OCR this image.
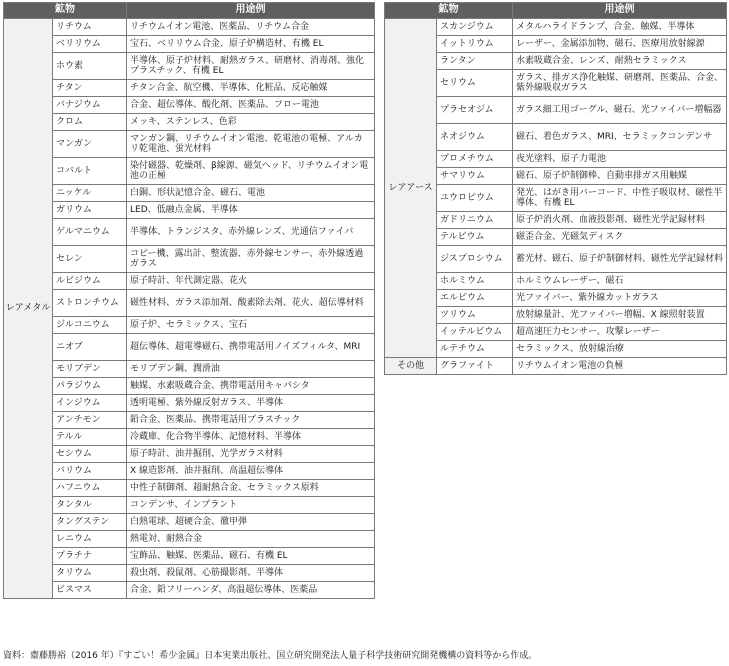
鉱物		用途例
レアメタル	リチウム	リチウムイオン電池、医薬品、リチウム合金
	ベリリウム	宝石、ベリリウム合金、原子炉構造材、有機 EL
	ホウ素	半導体、原子炉材料、耐熱ガラス、研磨材、消毒剤、強化プラスチック、有機 EL
	チタン	チタン合金、航空機、半導体、化粧品、反応触媒
	バナジウム	合金、超伝導体、酸化剤、医薬品、フロー電池
	クロム	メッキ、ステンレス、色彩
	マンガン	マンガン鋼、リチウムイオン電池、乾電池の電極、アルカリ乾電池、蛍光材料
	コバルト	染付磁器、乾燥剤、β線源、磁気ヘッド、リチウムイオン電池の正極
	ニッケル	白銅、形状記憶合金、磁石、電池
	ガリウム	LED、低融点金属、半導体
	ゲルマニウム	半導体、トランジスタ、赤外線レンズ、光通信ファイバ
	セレン	コピー機、露出計、整流器、赤外線センサー、赤外線透過ガラス
	ルビジウム	原子時計、年代測定器、花火
	ストロンチウム	磁性材料、ガラス添加剤、酸素除去剤、花火、超伝導材料
	ジルコニウム	原子炉、セラミックス、宝石
	ニオブ	超伝導体、超電導磁石、携帯電話用ノイズフィルタ、MRI
	モリブデン	モリブデン鋼、潤滑油
	パラジウム	触媒、水素吸蔵合金、携帯電話用キャパシタ
	インジウム	透明電極、紫外線反射ガラス、半導体
	アンチモン	鉛合金、医薬品、携帯電話用プラスチック
	テルル	冷蔵庫、化合物半導体、記憶材料、半導体
	セシウム	原子時計、油井掘削、光学ガラス材料
	バリウム	X 線造影剤、油井掘削、高温超伝導体
	ハフニウム	中性子制御剤、超耐熱合金、セラミックス原料
	タンタル	コンデンサ、インプラント
	タングステン	白熱電球、超硬合金、徹甲弾
	レニウム	熱電対、耐熱合金
	プラチナ	宝飾品、触媒、医薬品、磁石、有機 EL
	タリウム	殺虫剤、殺鼠剤、心筋撮影剤、半導体
	ビスマス	合金、鉛フリーハンダ、高温超伝導体、医薬品
鉱物		用途例
レアアース	スカンジウム	メタルハライドランプ、合金、触媒、半導体
	イットリウム	レーザー、金属添加物、磁石、医療用放射線源
	ランタン	水素吸蔵合金、レンズ、耐熱セラミックス
	セリウム	ガラス、排ガス浄化触媒、研磨剤、医薬品、合金、紫外線吸収ガラス
	プラセオジム	ガラス細工用ゴーグル、磁石、光ファイバー増幅器
	ネオジウム	磁石、着色ガラス、MRI、セラミックコンデンサ
	プロメチウム	夜光塗料、原子力電池
	サマリウム	磁石、原子炉制御棒、自動車排ガス用触媒
	ユウロピウム	発光、はがき用バーコード、中性子吸収材、磁性半導体、有機 EL
	ガドリニウム	原子炉消火剤、血液投影剤、磁性光学記録材料
	テルビウム	磁歪合金、光磁気ディスク
	ジスプロシウム	蓄光材、磁石、原子炉制御材料、磁性光学記録材料
	ホルミウム	ホルミウムレーザー、磁石
	エルビウム	光ファイバー、紫外線カットガラス
	ツリウム	放射線量計、光ファイバー増幅、X 線照射装置
	イッテルビウム	超高速圧力センサー、攻撃レーザー
	ルテチウム	セラミックス、放射線治療
その他	グラファイト	リチウムイオン電池の負極
資料：齋藤勝裕（2016 年）『すごい！希少金属』日本実業出版社、国立研究開発法人量子科学技術研究開発機構の資料等から作成。
